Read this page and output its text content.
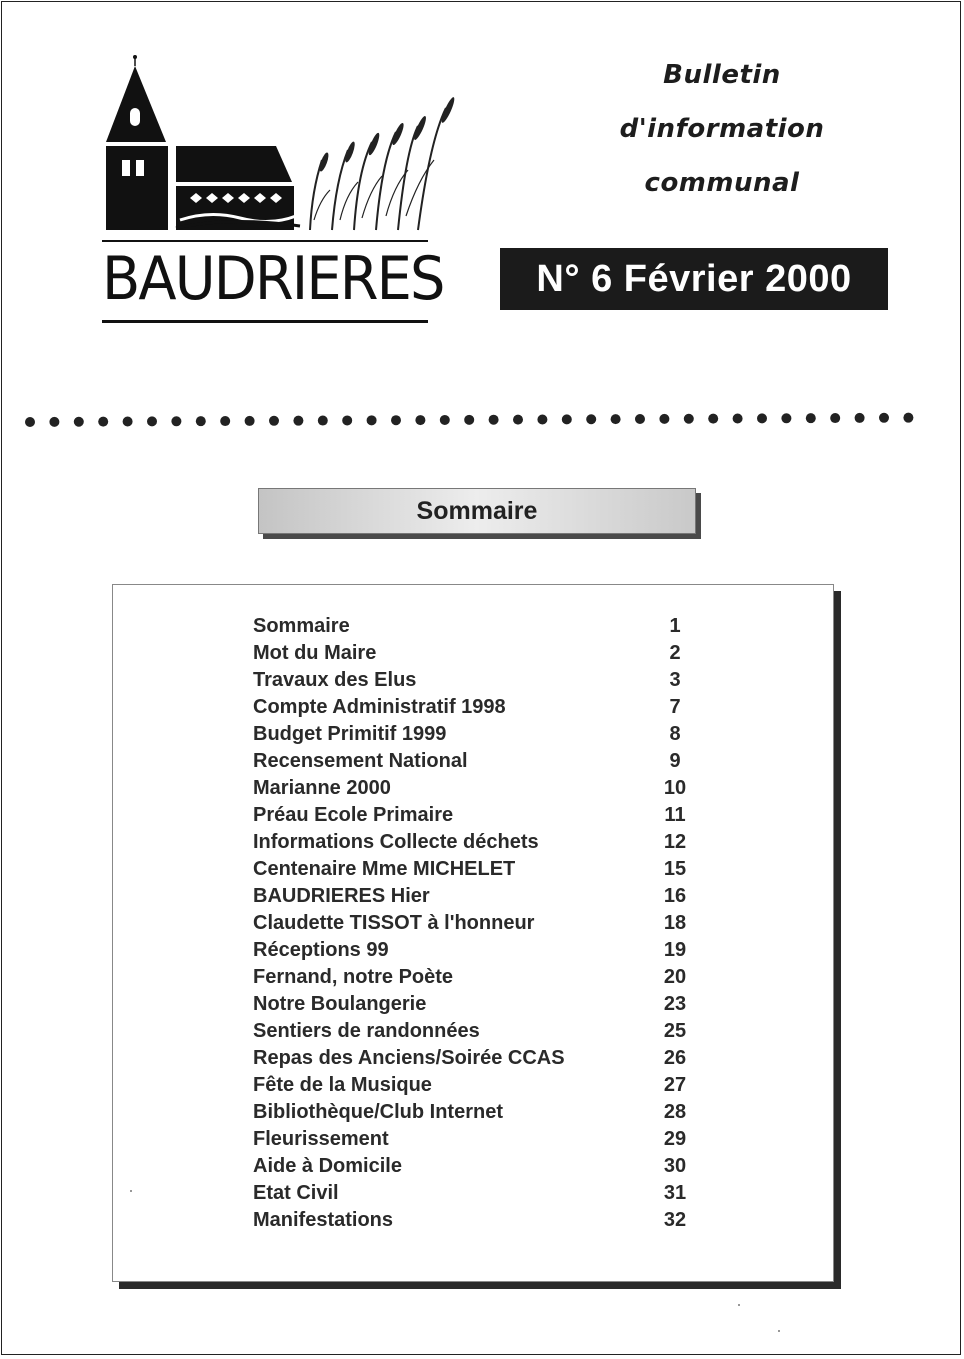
BAUDRIERES
Bulletin
d'information
communal
N° 6 Février 2000
Sommaire
Sommaire	1
Mot du Maire	2
Travaux des Elus	3
Compte Administratif 1998	7
Budget Primitif 1999	8
Recensement National	9
Marianne 2000	10
Préau Ecole Primaire	11
Informations Collecte déchets	12
Centenaire Mme MICHELET	15
BAUDRIERES Hier	16
Claudette TISSOT à l'honneur	18
Réceptions 99	19
Fernand, notre Poète	20
Notre Boulangerie	23
Sentiers de randonnées	25
Repas des Anciens/Soirée CCAS	26
Fête de la Musique	27
Bibliothèque/Club Internet	28
Fleurissement	29
Aide à Domicile	30
Etat Civil	31
Manifestations	32
